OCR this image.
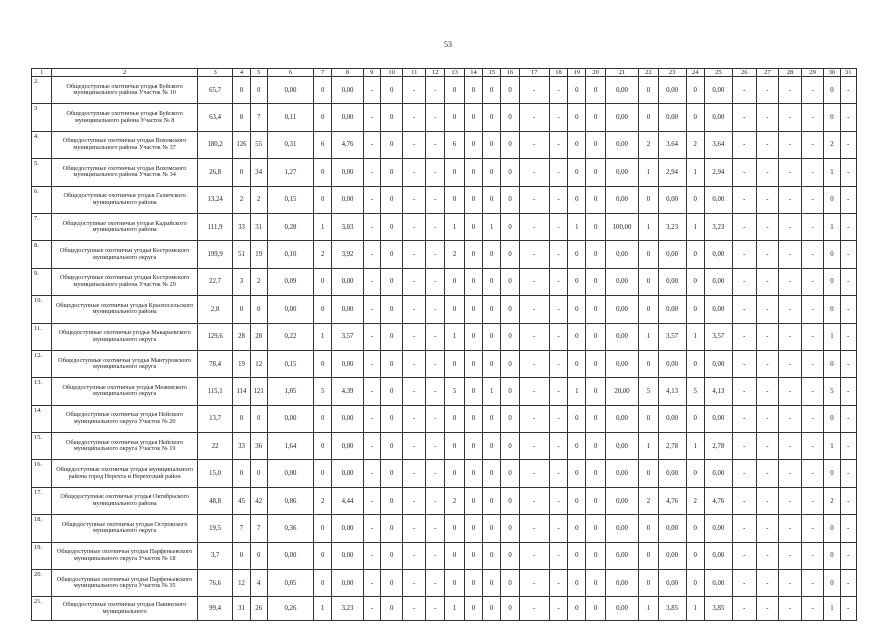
53
1	2	3	4	5	6	7	8	9	10	11	12	13	14	15	16	17	18	19	20	21	22	23	24	25	26	27	28	29	30	31
2.	Общедоступные охотничьи угодья Буйского муниципального района Участок № 10	65,7	0	0	0,00	0	0,00	-	0	-	-	0	0	0	0	-	-	0	0	0,00	0	0,00	0	0,00	-	-	-	-	0	-
3	Общедоступные охотничьи угодья Буйского муниципального района Участок № 8	63,4	8	7	0,11	0	0,00	-	0	-	-	0	0	0	0	-	-	0	0	0,00	0	0,00	0	0,00	-	-	-	-	0	-
4.	Общедоступные охотничьи угодья Вохомского муниципального района Участок № 37	180,2	126	55	0,31	6	4,76	-	0	-	-	6	0	0	0	-	-	0	0	0,00	2	3,64	2	3,64	-	-	-	-	2	-
5.	Общедоступные охотничьи угодья Вохомского муниципального района Участок № 34	26,8	0	34	1,27	0	0,00	-	0	-	-	0	0	0	0	-	-	0	0	0,00	1	2,94	1	2,94	-	-	-	-	1	-
6.	Общедоступные охотничьи угодья Галичского муниципального района	13,24	2	2	0,15	0	0,00	-	0	-	-	0	0	0	0	-	-	0	0	0,00	0	0,00	0	0,00	-	-	-	-	0	-
7.	Общедоступные охотничьи угодья Кадыйского муниципального района	111,9	33	31	0,28	1	3,03	-	0	-	-	1	0	1	0	-	-	1	0	100,00	1	3,23	1	3,23	-	-	-	-	1	-
8.	Общедоступные охотничьи угодья Костромского муниципального округа	199,9	51	19	0,10	2	3,92	-	0	-	-	2	0	0	0	-	-	0	0	0,00	0	0,00	0	0,00	-	-	-	-	0	-
9.	Общедоступные охотничьи угодья Костромского муниципального района Участок № 29	22,7	3	2	0,09	0	0,00	-	0	-	-	0	0	0	0	-	-	0	0	0,00	0	0,00	0	0,00	-	-	-	-	0	-
10.	Общедоступные охотничьи угодья Красносельского муниципального района	2,8	0	0	0,00	0	0,00	-	0	-	-	0	0	0	0	-	-	0	0	0,00	0	0,00	0	0,00	-	-	-	-	0	-
11.	Общедоступные охотничьи угодья Макарьевского муниципального округа	129,6	28	28	0,22	1	3,57	-	0	-	-	1	0	0	0	-	-	0	0	0,00	1	3,57	1	3,57	-	-	-	-	1	-
12.	Общедоступные охотничьи угодья Мантуровского муниципального округа	78,4	19	12	0,15	0	0,00	-	0	-	-	0	0	0	0	-	-	0	0	0,00	0	0,00	0	0,00	-	-	-	-	0	-
13.	Общедоступные охотничьи угодья Межевского муниципального округа	115,1	114	121	1,05	5	4,39	-	0	-	-	5	0	1	0	-	-	1	0	20,00	5	4,13	5	4,13	-	-	-	-	5	-
14.	Общедоступные охотничьи угодья Нейского муниципального округа Участок № 20	13,7	0	0	0,00	0	0,00	-	0	-	-	0	0	0	0	-	-	0	0	0,00	0	0,00	0	0,00	-	-	-	-	0	-
15.	Общедоступные охотничьи угодья Нейского муниципального округа Участок № 19	22	33	36	1,64	0	0,00	-	0	-	-	0	0	0	0	-	-	0	0	0,00	1	2,78	1	2,78	-	-	-	-	1	-
16.	Общедоступные охотничьи угодья муниципального района город Нерехта и Нерехтский район	15,0	0	0	0,00	0	0,00	-	0	-	-	0	0	0	0	-	-	0	0	0,00	0	0,00	0	0,00	-	-	-	-	0	-
17.	Общедоступные охотничьи угодья Октябрьского муниципального района	48,8	45	42	0,86	2	4,44	-	0	-	-	2	0	0	0	-	-	0	0	0,00	2	4,76	2	4,76	-	-	-	-	2	-
18.	Общедоступные охотничьи угодья Островского муниципального округа	19,5	7	7	0,36	0	0,00	-	0	-	-	0	0	0	0	-	-	0	0	0,00	0	0,00	0	0,00	-	-	-	-	0	-
19.	Общедоступные охотничьи угодья Парфеньевского муниципального округа Участок № 18	3,7	0	0	0,00	0	0,00	-	0	-	-	0	0	0	0	-	-	0	0	0,00	0	0,00	0	0,00	-	-	-	-	0	-
20.	Общедоступные охотничьи угодья Парфеньевского муниципального округа Участок № 35	76,6	12	4	0,05	0	0,00	-	0	-	-	0	0	0	0	-	-	0	0	0,00	0	0,00	0	0,00	-	-	-	-	0	-
21.	Общедоступные охотничьи угодья Павинского муниципального	99,4	31	26	0,26	1	3,23	-	0	-	-	1	0	0	0	-	-	0	0	0,00	1	3,85	1	3,85	-	-	-	-	1	-
